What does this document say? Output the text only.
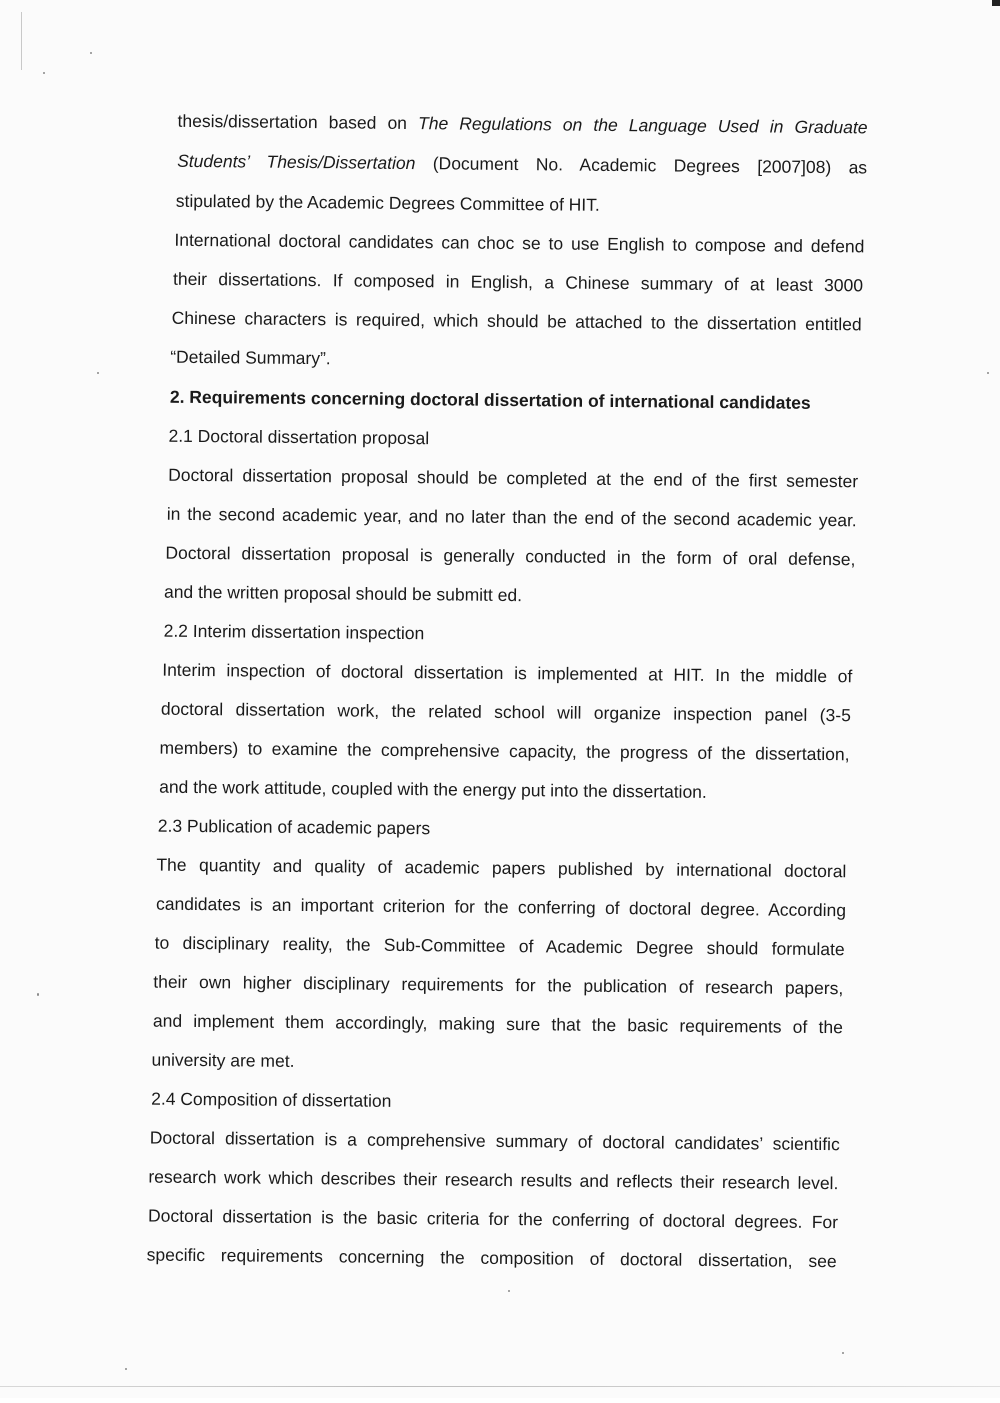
thesis/dissertation based on The Regulations on the Language Used in Graduate
Students’ Thesis/Dissertation (Document No. Academic Degrees [2007]08) as
stipulated by the Academic Degrees Committee of HIT.
International doctoral candidates can choc se to use English to compose and defend
their dissertations. If composed in English, a Chinese summary of at least 3000
Chinese characters is required, which should be attached to the dissertation entitled
“Detailed Summary”.
2. Requirements concerning doctoral dissertation of international candidates
2.1 Doctoral dissertation proposal
Doctoral dissertation proposal should be completed at the end of the first semester
in the second academic year, and no later than the end of the second academic year.
Doctoral dissertation proposal is generally conducted in the form of oral defense,
and the written proposal should be submitt ed.
2.2 Interim dissertation inspection
Interim inspection of doctoral dissertation is implemented at HIT. In the middle of
doctoral dissertation work, the related school will organize inspection panel (3-5
members) to examine the comprehensive capacity, the progress of the dissertation,
and the work attitude, coupled with the energy put into the dissertation.
2.3 Publication of academic papers
The quantity and quality of academic papers published by international doctoral
candidates is an important criterion for the conferring of doctoral degree. According
to disciplinary reality, the Sub-Committee of Academic Degree should formulate
their own higher disciplinary requirements for the publication of research papers,
and implement them accordingly, making sure that the basic requirements of the
university are met.
2.4 Composition of dissertation
Doctoral dissertation is a comprehensive summary of doctoral candidates’ scientific
research work which describes their research results and reflects their research level.
Doctoral dissertation is the basic criteria for the conferring of doctoral degrees. For
specific requirements concerning the composition of doctoral dissertation, see
